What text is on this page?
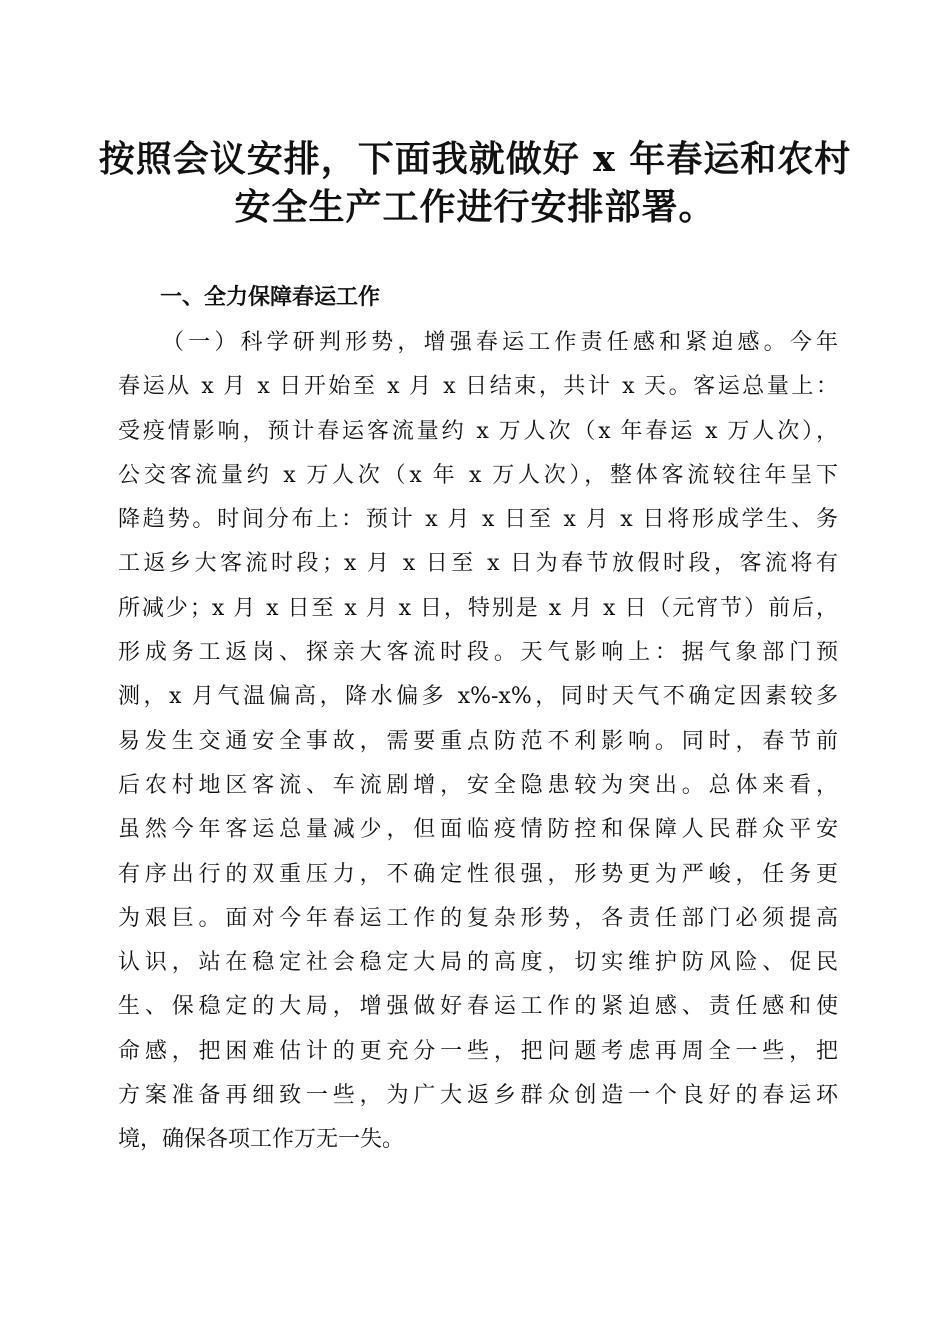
按照会议安排，下面我就做好 x 年春运和农村
安全生产工作进行安排部署。
一、全力保障春运工作
（一）科学研判形势，增强春运工作责任感和紧迫感。今年
春运从 x 月 x 日开始至 x 月 x 日结束，共计 x 天。客运总量上：
受疫情影响，预计春运客流量约 x 万人次（x 年春运 x 万人次），
公交客流量约 x 万人次（x 年 x 万人次），整体客流较往年呈下
降趋势。时间分布上：预计 x 月 x 日至 x 月 x 日将形成学生、务
工返乡大客流时段；x 月 x 日至 x 日为春节放假时段，客流将有
所减少；x 月 x 日至 x 月 x 日，特别是 x 月 x 日（元宵节）前后，
形成务工返岗、探亲大客流时段。天气影响上：据气象部门预
测，x 月气温偏高，降水偏多 x%-x%，同时天气不确定因素较多
易发生交通安全事故，需要重点防范不利影响。同时，春节前
后农村地区客流、车流剧增，安全隐患较为突出。总体来看，
虽然今年客运总量减少，但面临疫情防控和保障人民群众平安
有序出行的双重压力，不确定性很强，形势更为严峻，任务更
为艰巨。面对今年春运工作的复杂形势，各责任部门必须提高
认识，站在稳定社会稳定大局的高度，切实维护防风险、促民
生、保稳定的大局，增强做好春运工作的紧迫感、责任感和使
命感，把困难估计的更充分一些，把问题考虑再周全一些，把
方案准备再细致一些，为广大返乡群众创造一个良好的春运环
境，确保各项工作万无一失。
